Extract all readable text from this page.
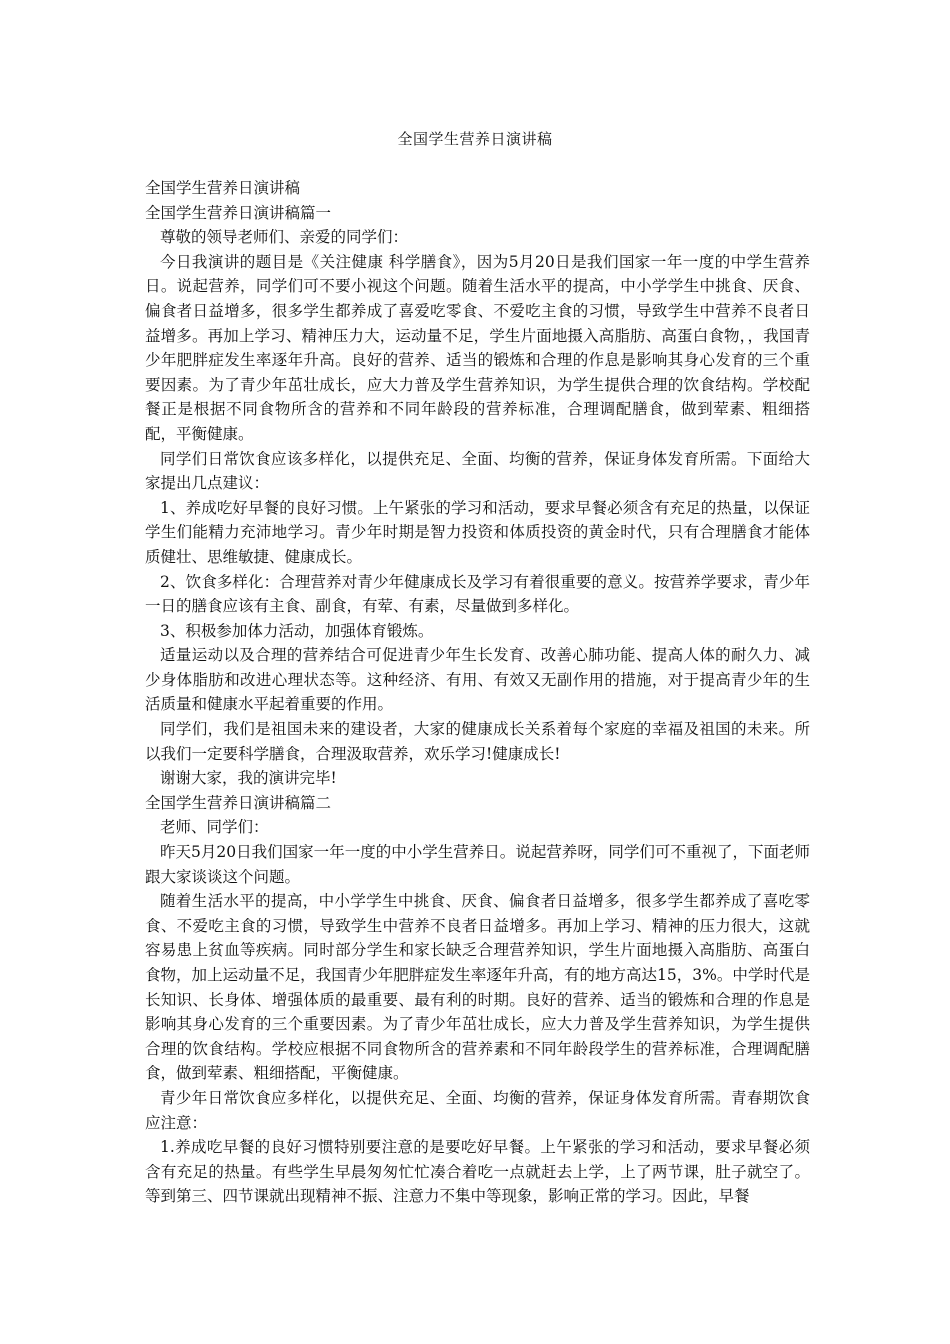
全国学生营养日演讲稿

全国学生营养日演讲稿

全国学生营养日演讲稿篇一

尊敬的领导老师们、亲爱的同学们：

今日我演讲的题目是《关注健康 科学膳食》，因为5月20日是我们国家一年一度的中学生营养日。说起营养，同学们可不要小视这个问题。随着生活水平的提高，中小学学生中挑食、厌食、偏食者日益增多，很多学生都养成了喜爱吃零食、不爱吃主食的习惯，导致学生中营养不良者日益增多。再加上学习、精神压力大，运动量不足，学生片面地摄入高脂肪、高蛋白食物，，我国青少年肥胖症发生率逐年升高。良好的营养、适当的锻炼和合理的作息是影响其身心发育的三个重要因素。为了青少年茁壮成长，应大力普及学生营养知识，为学生提供合理的饮食结构。学校配餐正是根据不同食物所含的营养和不同年龄段的营养标准，合理调配膳食，做到荤素、粗细搭配，平衡健康。

同学们日常饮食应该多样化，以提供充足、全面、均衡的营养，保证身体发育所需。下面给大家提出几点建议：

1、养成吃好早餐的良好习惯。上午紧张的学习和活动，要求早餐必须含有充足的热量，以保证学生们能精力充沛地学习。青少年时期是智力投资和体质投资的黄金时代，只有合理膳食才能体质健壮、思维敏捷、健康成长。

2、饮食多样化：合理营养对青少年健康成长及学习有着很重要的意义。按营养学要求，青少年一日的膳食应该有主食、副食，有荤、有素，尽量做到多样化。

3、积极参加体力活动，加强体育锻炼。

适量运动以及合理的营养结合可促进青少年生长发育、改善心肺功能、提高人体的耐久力、减少身体脂肪和改进心理状态等。这种经济、有用、有效又无副作用的措施，对于提高青少年的生活质量和健康水平起着重要的作用。

同学们，我们是祖国未来的建设者，大家的健康成长关系着每个家庭的幸福及祖国的未来。所以我们一定要科学膳食，合理汲取营养，欢乐学习!健康成长!

谢谢大家，我的演讲完毕!

全国学生营养日演讲稿篇二

老师、同学们：

昨天5月20日我们国家一年一度的中小学生营养日。说起营养呀，同学们可不重视了，下面老师跟大家谈谈这个问题。

随着生活水平的提高，中小学学生中挑食、厌食、偏食者日益增多，很多学生都养成了喜吃零食、不爱吃主食的习惯，导致学生中营养不良者日益增多。再加上学习、精神的压力很大，这就容易患上贫血等疾病。同时部分学生和家长缺乏合理营养知识，学生片面地摄入高脂肪、高蛋白食物，加上运动量不足，我国青少年肥胖症发生率逐年升高，有的地方高达15，3%。中学时代是长知识、长身体、增强体质的最重要、最有利的时期。良好的营养、适当的锻炼和合理的作息是影响其身心发育的三个重要因素。为了青少年茁壮成长，应大力普及学生营养知识，为学生提供合理的饮食结构。学校应根据不同食物所含的营养素和不同年龄段学生的营养标准，合理调配膳食，做到荤素、粗细搭配，平衡健康。

青少年日常饮食应多样化，以提供充足、全面、均衡的营养，保证身体发育所需。青春期饮食应注意：

1.养成吃早餐的良好习惯特别要注意的是要吃好早餐。上午紧张的学习和活动，要求早餐必须含有充足的热量。有些学生早晨匆匆忙忙凑合着吃一点就赶去上学，上了两节课，肚子就空了。等到第三、四节课就出现精神不振、注意力不集中等现象，影响正常的学习。因此，早餐
